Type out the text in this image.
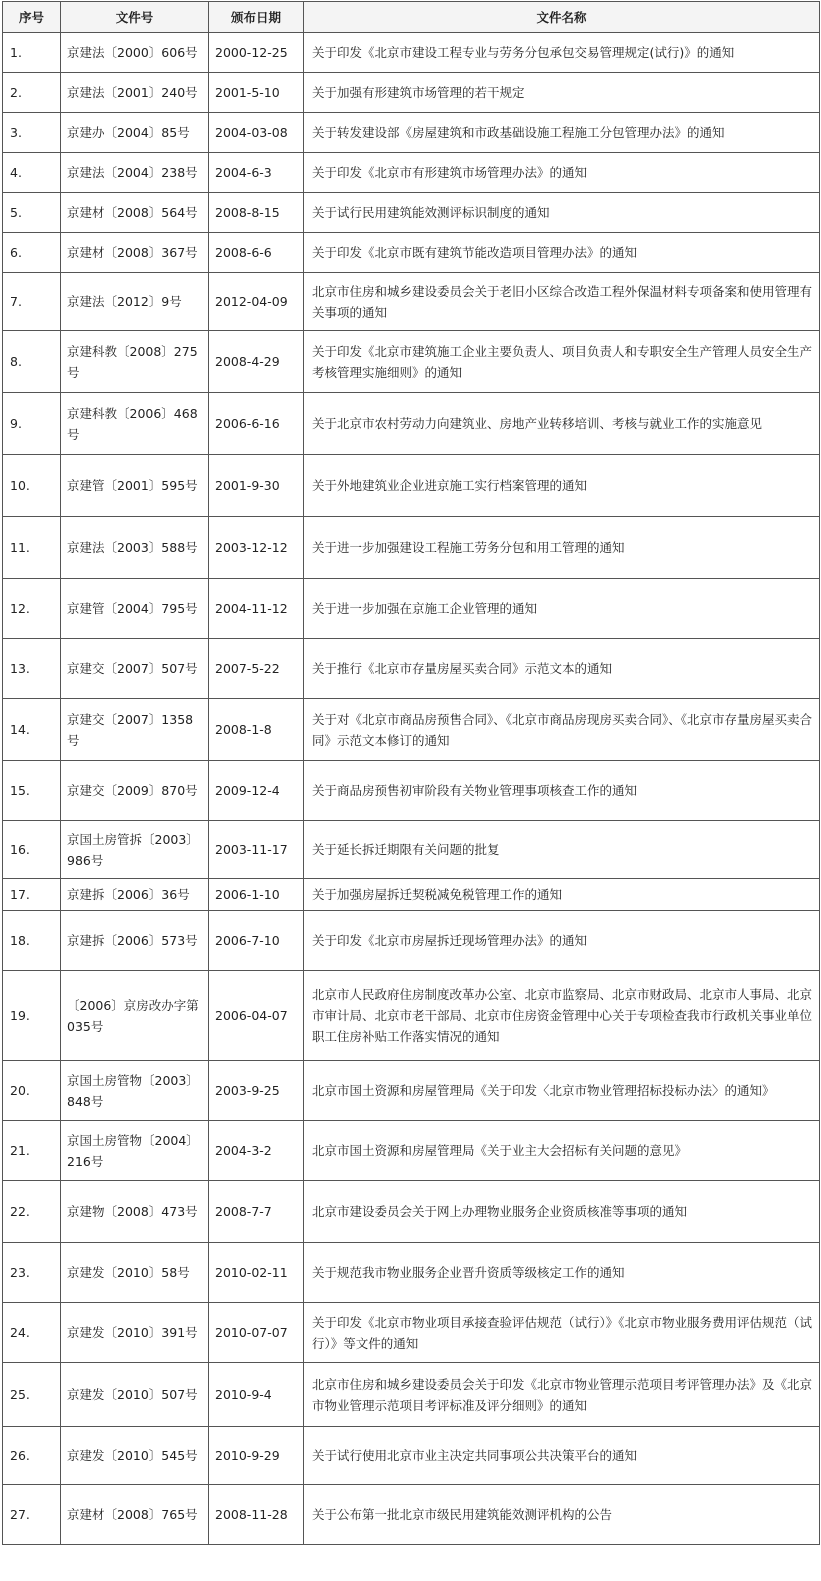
序号	文件号	颁布日期	文件名称
1.	京建法〔2000〕606号	2000-12-25	关于印发《北京市建设工程专业与劳务分包承包交易管理规定(试行)》的通知
2.	京建法〔2001〕240号	2001-5-10	关于加强有形建筑市场管理的若干规定
3.	京建办〔2004〕85号	2004-03-08	关于转发建设部《房屋建筑和市政基础设施工程施工分包管理办法》的通知
4.	京建法〔2004〕238号	2004-6-3	关于印发《北京市有形建筑市场管理办法》的通知
5.	京建材〔2008〕564号	2008-8-15	关于试行民用建筑能效测评标识制度的通知
6.	京建材〔2008〕367号	2008-6-6	关于印发《北京市既有建筑节能改造项目管理办法》的通知
7.	京建法〔2012〕9号	2012-04-09	北京市住房和城乡建设委员会关于老旧小区综合改造工程外保温材料专项备案和使用管理有关事项的通知
8.	京建科教〔2008〕275号	2008-4-29	关于印发《北京市建筑施工企业主要负责人、项目负责人和专职安全生产管理人员安全生产考核管理实施细则》的通知
9.	京建科教〔2006〕468号	2006-6-16	关于北京市农村劳动力向建筑业、房地产业转移培训、考核与就业工作的实施意见
10.	京建管〔2001〕595号	2001-9-30	关于外地建筑业企业进京施工实行档案管理的通知
11.	京建法〔2003〕588号	2003-12-12	关于进一步加强建设工程施工劳务分包和用工管理的通知
12.	京建管〔2004〕795号	2004-11-12	关于进一步加强在京施工企业管理的通知
13.	京建交〔2007〕507号	2007-5-22	关于推行《北京市存量房屋买卖合同》示范文本的通知
14.	京建交〔2007〕1358号	2008-1-8	关于对《北京市商品房预售合同》、《北京市商品房现房买卖合同》、《北京市存量房屋买卖合同》示范文本修订的通知
15.	京建交〔2009〕870号	2009-12-4	关于商品房预售初审阶段有关物业管理事项核查工作的通知
16.	京国土房管拆〔2003〕986号	2003-11-17	关于延长拆迁期限有关问题的批复
17.	京建拆〔2006〕36号	2006-1-10	关于加强房屋拆迁契税减免税管理工作的通知
18.	京建拆〔2006〕573号	2006-7-10	关于印发《北京市房屋拆迁现场管理办法》的通知
19.	〔2006〕京房改办字第035号	2006-04-07	北京市人民政府住房制度改革办公室、北京市监察局、北京市财政局、北京市人事局、北京市审计局、北京市老干部局、北京市住房资金管理中心关于专项检查我市行政机关事业单位职工住房补贴工作落实情况的通知
20.	京国土房管物〔2003〕848号	2003-9-25	北京市国土资源和房屋管理局《关于印发〈北京市物业管理招标投标办法〉的通知》
21.	京国土房管物〔2004〕216号	2004-3-2	北京市国土资源和房屋管理局《关于业主大会招标有关问题的意见》
22.	京建物〔2008〕473号	2008-7-7	北京市建设委员会关于网上办理物业服务企业资质核准等事项的通知
23.	京建发〔2010〕58号	2010-02-11	关于规范我市物业服务企业晋升资质等级核定工作的通知
24.	京建发〔2010〕391号	2010-07-07	关于印发《北京市物业项目承接查验评估规范（试行）》《北京市物业服务费用评估规范（试行）》等文件的通知
25.	京建发〔2010〕507号	2010-9-4	北京市住房和城乡建设委员会关于印发《北京市物业管理示范项目考评管理办法》及《北京市物业管理示范项目考评标准及评分细则》的通知
26.	京建发〔2010〕545号	2010-9-29	关于试行使用北京市业主决定共同事项公共决策平台的通知
27.	京建材〔2008〕765号	2008-11-28	关于公布第一批北京市级民用建筑能效测评机构的公告
